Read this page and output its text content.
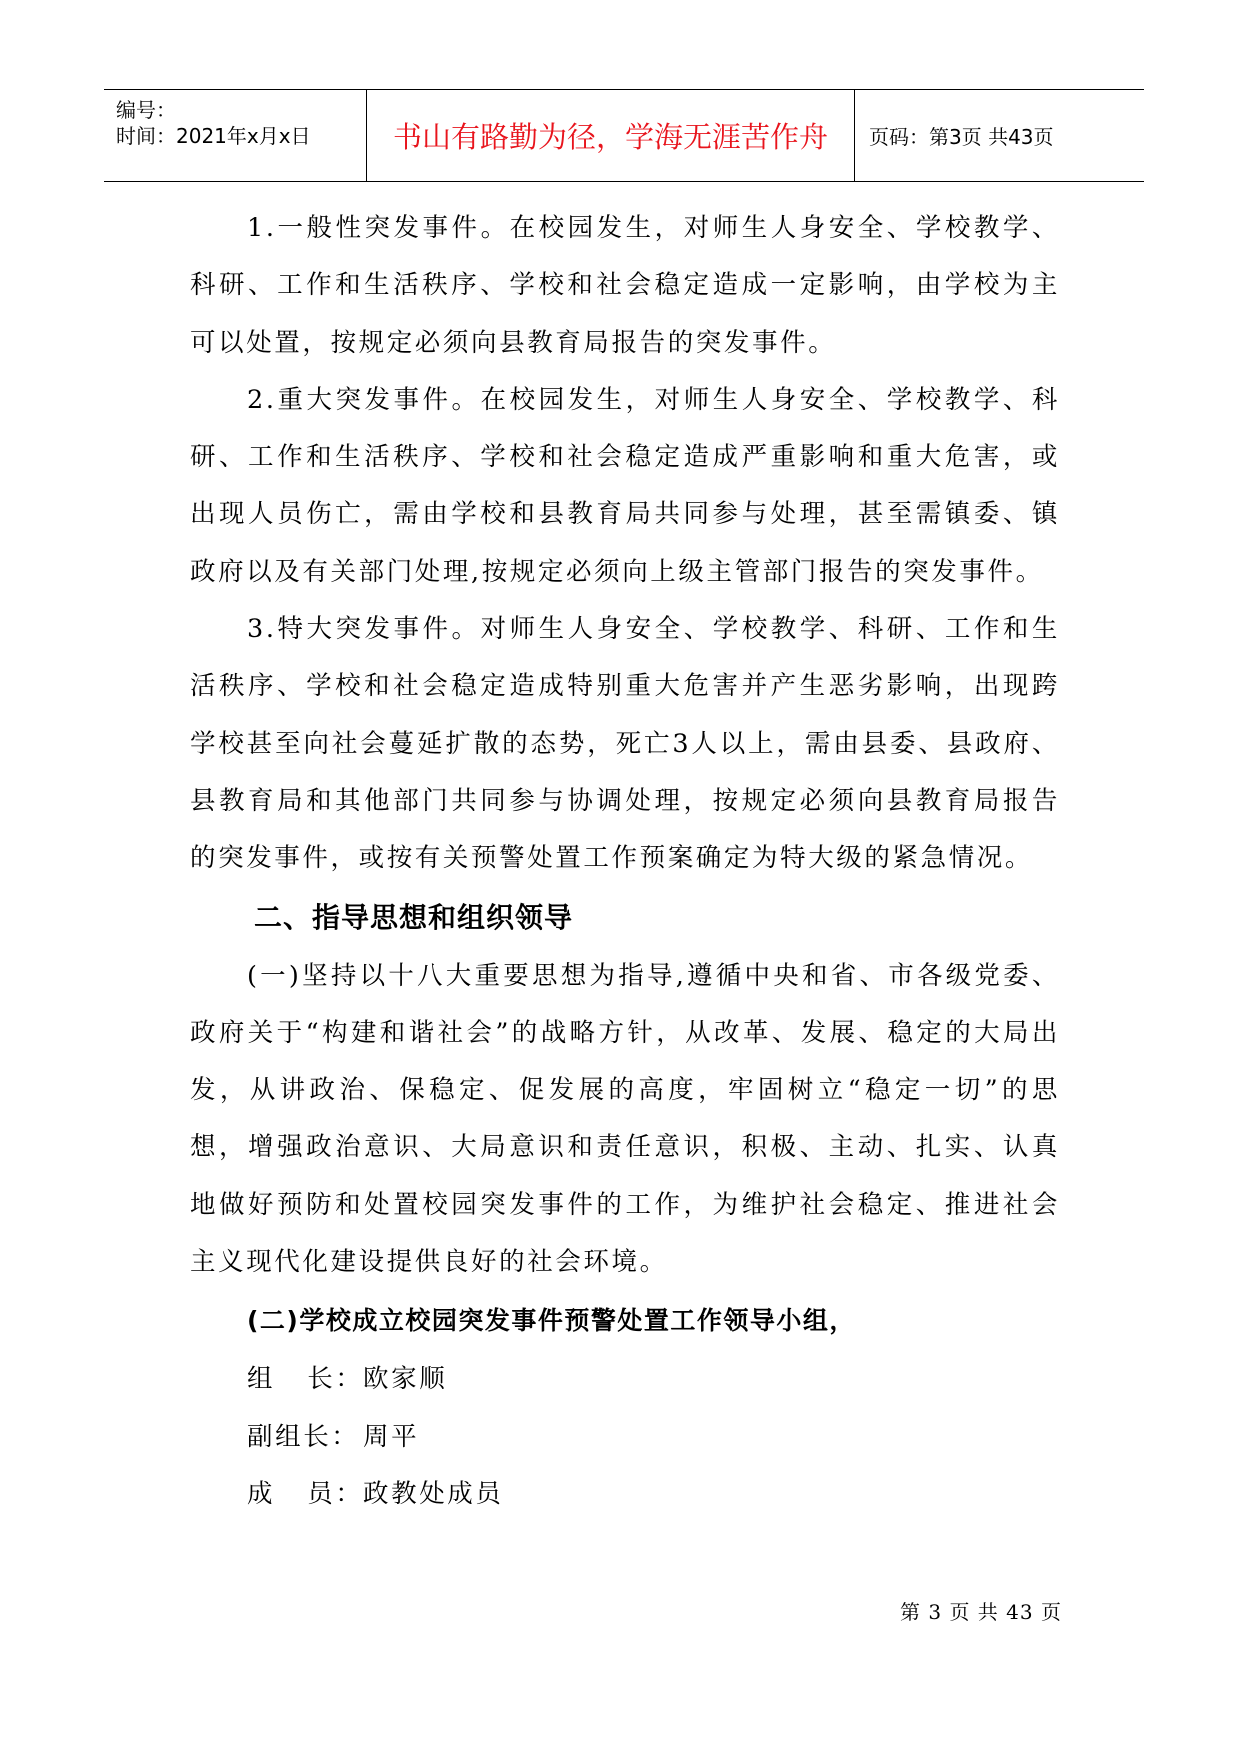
编号：
时间：2021年x月x日	书山有路勤为径，学海无涯苦作舟 页码：第3页 共43页

1.一般性突发事件。在校园发生，对师生人身安全、学校教学、科研、工作和生活秩序、学校和社会稳定造成一定影响，由学校为主可以处置，按规定必须向县教育局报告的突发事件。

2.重大突发事件。在校园发生，对师生人身安全、学校教学、科研、工作和生活秩序、学校和社会稳定造成严重影响和重大危害，或出现人员伤亡，需由学校和县教育局共同参与处理，甚至需镇委、镇政府以及有关部门处理,按规定必须向上级主管部门报告的突发事件。

3.特大突发事件。对师生人身安全、学校教学、科研、工作和生活秩序、学校和社会稳定造成特别重大危害并产生恶劣影响，出现跨学校甚至向社会蔓延扩散的态势，死亡3人以上，需由县委、县政府、县教育局和其他部门共同参与协调处理，按规定必须向县教育局报告的突发事件，或按有关预警处置工作预案确定为特大级的紧急情况。

二、指导思想和组织领导

(一)坚持以十八大重要思想为指导,遵循中央和省、市各级党委、政府关于“构建和谐社会”的战略方针，从改革、发展、稳定的大局出发，从讲政治、保稳定、促发展的高度，牢固树立“稳定一切”的思想，增强政治意识、大局意识和责任意识，积极、主动、扎实、认真地做好预防和处置校园突发事件的工作，为维护社会稳定、推进社会主义现代化建设提供良好的社会环境。

(二)学校成立校园突发事件预警处置工作领导小组，

组   长：欧家顺

副组长： 周平

成   员：政教处成员

第 3 页 共 43 页
